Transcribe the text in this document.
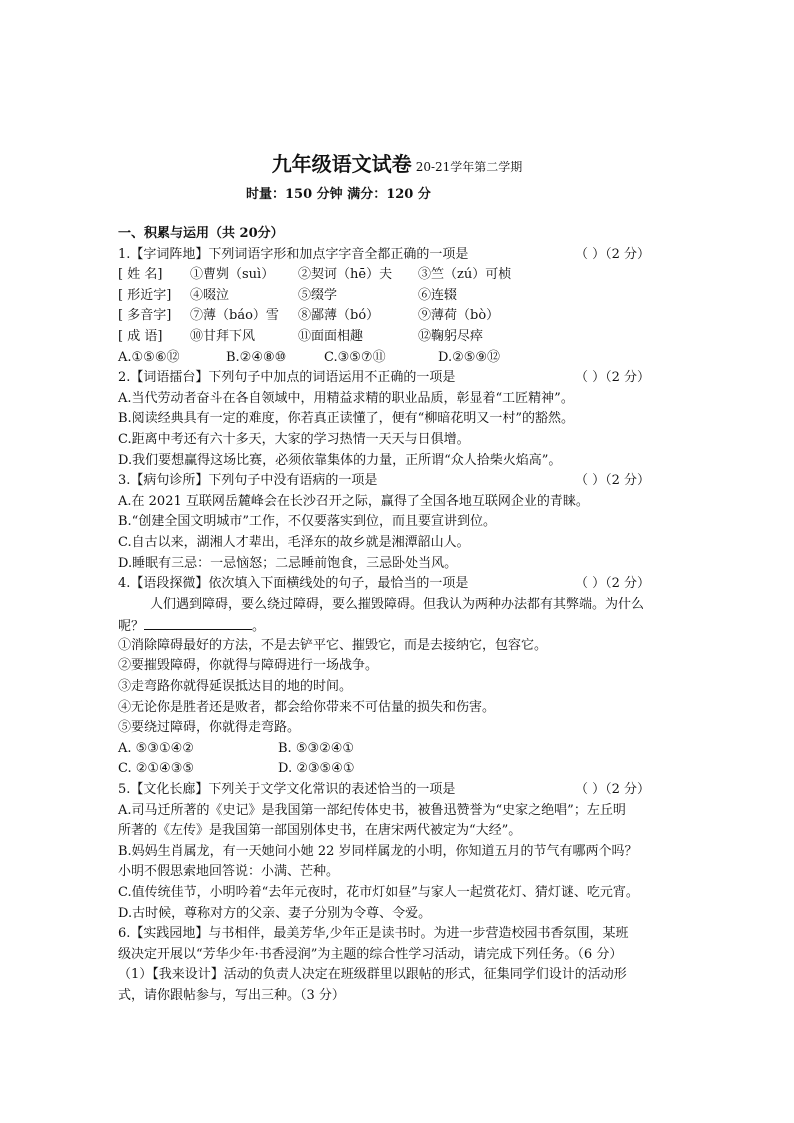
九年级语文试卷 20-21学年第二学期
时量：150 分钟 满分：120 分
一、积累与运用（共 20分）
1.【字词阵地】下列词语字形和加点字字音全都正确的一项是	（ ）（2 分）
[ 姓 名] ①曹刿（suì） ②契诃（hē）夫 ③竺（zú）可桢
[ 形近字] ④啜泣	⑤缀学	⑥连辍
[ 多音字] ⑦薄（báo）雪 ⑧鄙薄（bó）	⑨薄荷（bò）
[ 成 语] ⑩甘拜下风	⑪面面相趣	⑫鞠躬尽瘁
A.①⑤⑥⑫	B.②④⑧⑩	C.③⑤⑦⑪	D.②⑤⑨⑫
2.【词语擂台】下列句子中加点的词语运用不正确的一项是	（ ）（2 分）
A.当代劳动者奋斗在各自领域中，用精益求精的职业品质，彰显着“工匠精神”。
B.阅读经典具有一定的难度，你若真正读懂了，便有“柳暗花明又一村”的豁然。
C.距离中考还有六十多天，大家的学习热情一天天与日俱增。
D.我们要想赢得这场比赛，必须依靠集体的力量，正所谓“众人拾柴火焰高”。
3.【病句诊所】下列句子中没有语病的一项是	（ ）（2 分）
A.在 2021 互联网岳麓峰会在长沙召开之际，赢得了全国各地互联网企业的青睐。
B.“创建全国文明城市”工作，不仅要落实到位，而且要宣讲到位。
C.自古以来，湖湘人才辈出，毛泽东的故乡就是湘潭韶山人。
D.睡眠有三忌：一忌恼怒；二忌睡前饱食，三忌卧处当风。
4.【语段探微】依次填入下面横线处的句子，最恰当的一项是	（ ）（2 分）
人们遇到障碍，要么绕过障碍，要么摧毁障碍。但我认为两种办法都有其弊端。为什么
呢？	。
①消除障碍最好的方法，不是去铲平它、摧毁它，而是去接纳它，包容它。
②要摧毁障碍，你就得与障碍进行一场战争。
③走弯路你就得延误抵达目的地的时间。
④无论你是胜者还是败者，都会给你带来不可估量的损失和伤害。
⑤要绕过障碍，你就得走弯路。
A. ⑤③①④②	B. ⑤③②④①
C. ②①④③⑤	D. ②③⑤④①
5.【文化长廊】下列关于文学文化常识的表述恰当的一项是	（ ）（2 分）
A.司马迁所著的《史记》是我国第一部纪传体史书，被鲁迅赞誉为“史家之绝唱”；左丘明
所著的《左传》是我国第一部国别体史书，在唐宋两代被定为“大经”。
B.妈妈生肖属龙，有一天她问小她 22 岁同样属龙的小明，你知道五月的节气有哪两个吗？
小明不假思索地回答说：小满、芒种。
C.值传统佳节，小明吟着“去年元夜时，花市灯如昼”与家人一起赏花灯、猜灯谜、吃元宵。
D.古时候，尊称对方的父亲、妻子分别为令尊、令爱。
6.【实践园地】与书相伴，最美芳华,少年正是读书时。为进一步营造校园书香氛围，某班
级决定开展以“芳华少年·书香浸润”为主题的综合性学习活动，请完成下列任务。（6 分）
（1）【我来设计】活动的负责人决定在班级群里以跟帖的形式，征集同学们设计的活动形
式，请你跟帖参与，写出三种。（3 分）
